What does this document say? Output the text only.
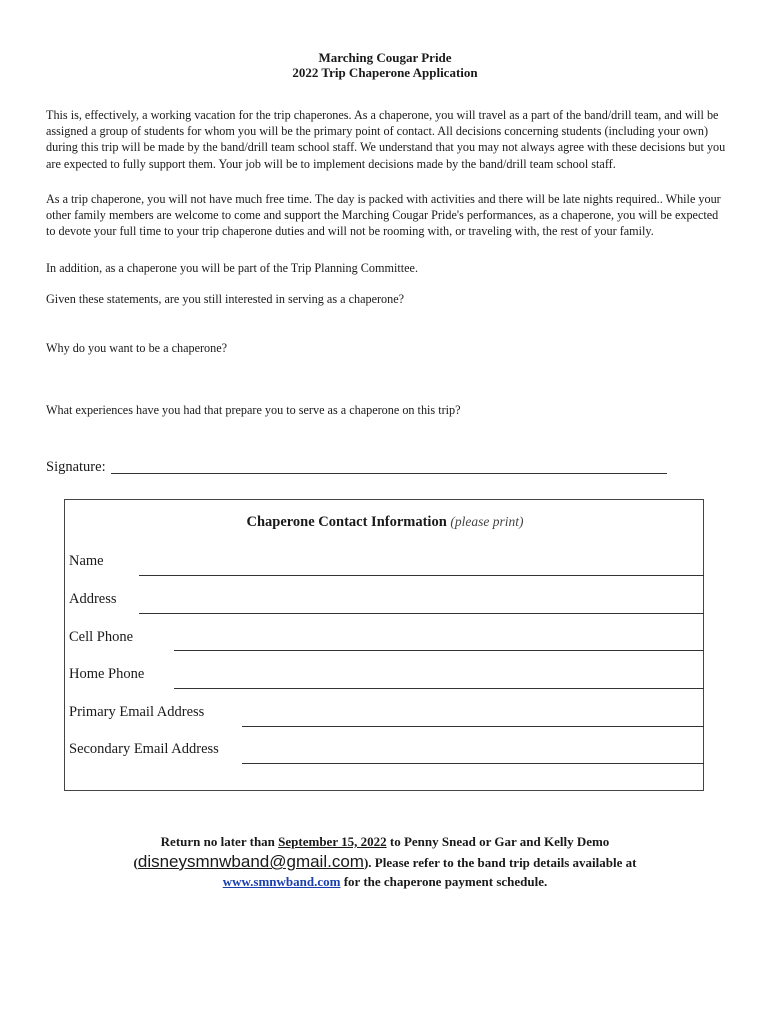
Marching Cougar Pride
2022 Trip Chaperone Application

This is, effectively, a working vacation for the trip chaperones. As a chaperone, you will travel as a part of the band/drill team, and will be assigned a group of students for whom you will be the primary point of contact. All decisions concerning students (including your own) during this trip will be made by the band/drill team school staff. We understand that you may not always agree with these decisions but you are expected to fully support them. Your job will be to implement decisions made by the band/drill team school staff.

As a trip chaperone, you will not have much free time. The day is packed with activities and there will be late nights required.. While your other family members are welcome to come and support the Marching Cougar Pride's performances, as a chaperone, you will be expected to devote your full time to your trip chaperone duties and will not be rooming with, or traveling with, the rest of your family.

In addition, as a chaperone you will be part of the Trip Planning Committee.

Given these statements, are you still interested in serving as a chaperone?

Why do you want to be a chaperone?

What experiences have you had that prepare you to serve as a chaperone on this trip?

Signature:
Chaperone Contact Information (please print)
Name
Address
Cell Phone
Home Phone
Primary Email Address
Secondary Email Address
Return no later than September 15, 2022 to Penny Snead or Gar and Kelly Demo
(disneysmnwband@gmail.com). Please refer to the band trip details available at
www.smnwband.com for the chaperone payment schedule.
